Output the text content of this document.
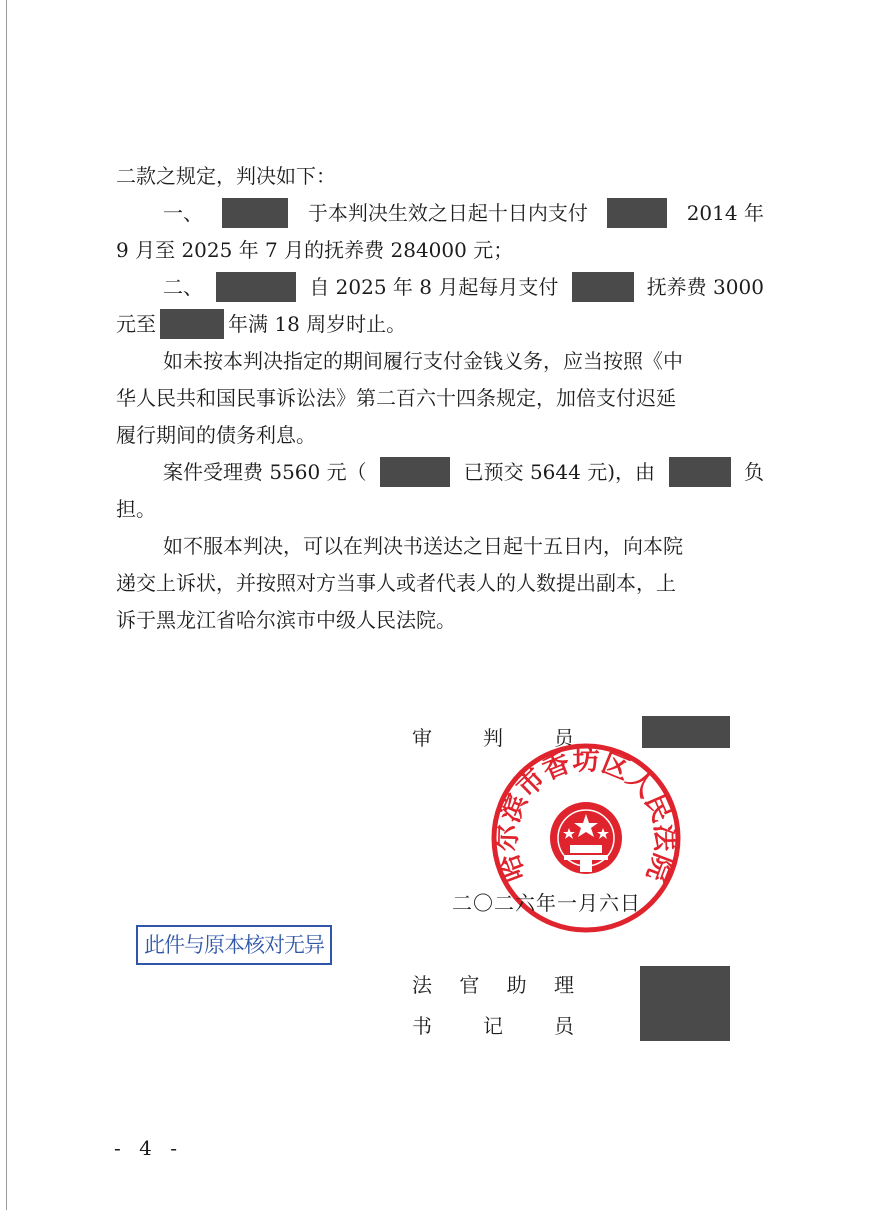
二款之规定，判决如下：
一、	于本判决生效之日起十日内支付	2014 年
9 月至 2025 年 7 月的抚养费 284000 元；
二、	自 2025 年 8 月起每月支付	抚养费 3000
元至	年满 18 周岁时止。
如未按本判决指定的期间履行支付金钱义务，应当按照《中
华人民共和国民事诉讼法》第二百六十四条规定，加倍支付迟延
履行期间的债务利息。
案件受理费 5560 元（	已预交 5644 元)，由	负
担。
如不服本判决，可以在判决书送达之日起十五日内，向本院
递交上诉状，并按照对方当事人或者代表人的人数提出副本，上
诉于黑龙江省哈尔滨市中级人民法院。
审	判	员
哈尔滨市香坊区人民法院
二〇二六年一月六日
此件与原本核对无异
法 官 助 理
书	记	员
- 4 -
